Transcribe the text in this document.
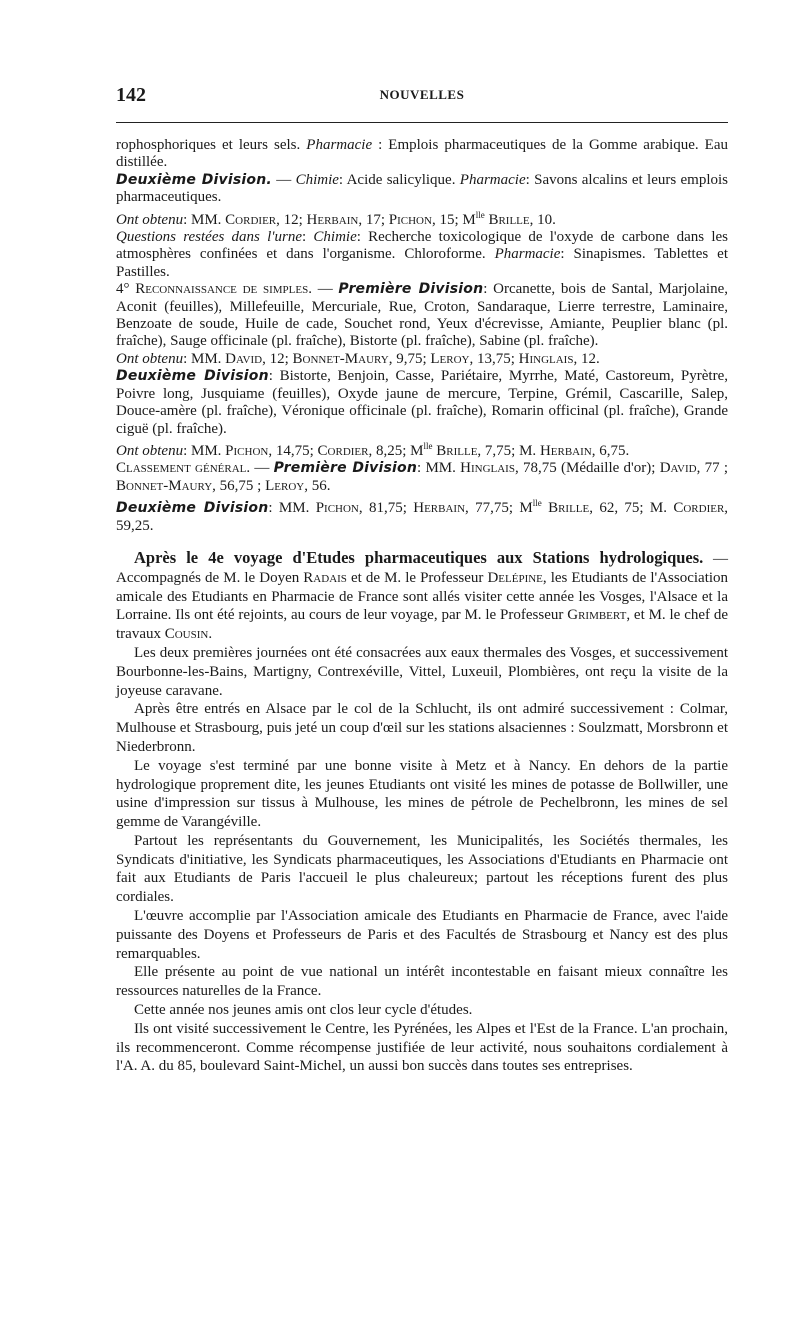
142	NOUVELLES
rophosphoriques et leurs sels. Pharmacie : Emplois pharmaceutiques de la Gomme arabique. Eau distillée.
Deuxième Division. — Chimie: Acide salicylique. Pharmacie: Savons alcalins et leurs emplois pharmaceutiques.
Ont obtenu: MM. Cordier, 12; Herbain, 17; Pichon, 15; $M^{lle}$ Brille, 10.
Questions restées dans l'urne: Chimie: Recherche toxicologique de l'oxyde de carbone dans les atmosphères confinées et dans l'organisme. Chloroforme. Pharmacie: Sinapismes. Tablettes et Pastilles.
4° Reconnaissance de simples. — Première Division: Orcanette, bois de Santal, Marjolaine, Aconit (feuilles), Millefeuille, Mercuriale, Rue, Croton, Sandaraque, Lierre terrestre, Laminaire, Benzoate de soude, Huile de cade, Souchet rond, Yeux d'écrevisse, Amiante, Peuplier blanc (pl. fraîche), Sauge officinale (pl. fraîche), Bistorte (pl. fraîche), Sabine (pl. fraîche).
Ont obtenu: MM. David, 12; Bonnet-Maury, 9,75; Leroy, 13,75; Hinglais, 12.
Deuxième Division: Bistorte, Benjoin, Casse, Pariétaire, Myrrhe, Maté, Castoreum, Pyrètre, Poivre long, Jusquiame (feuilles), Oxyde jaune de mercure, Terpine, Grémil, Cascarille, Salep, Douce-amère (pl. fraîche), Véronique officinale (pl. fraîche), Romarin officinal (pl. fraîche), Grande ciguë (pl. fraîche).
Ont obtenu: MM. Pichon, 14,75; Cordier, 8,25; $M^{lle}$ Brille, 7,75; M. Herbain, 6,75.
Classement général. — Première Division: MM. Hinglais, 78,75 (Médaille d'or); David, 77 ; Bonnet-Maury, 56,75 ; Leroy, 56.
Deuxième Division: MM. Pichon, 81,75; Herbain, 77,75; $M^{lle}$ Brille, 62, 75; M. Cordier, 59,25.
Après le 4e voyage d'Etudes pharmaceutiques aux Stations hydrologiques. — Accompagnés de M. le Doyen Radais et de M. le Professeur Delépine, les Etudiants de l'Association amicale des Etudiants en Pharmacie de France sont allés visiter cette année les Vosges, l'Alsace et la Lorraine. Ils ont été rejoints, au cours de leur voyage, par M. le Professeur Grimbert, et M. le chef de travaux Cousin.
Les deux premières journées ont été consacrées aux eaux thermales des Vosges, et successivement Bourbonne-les-Bains, Martigny, Contrexéville, Vittel, Luxeuil, Plombières, ont reçu la visite de la joyeuse caravane.
Après être entrés en Alsace par le col de la Schlucht, ils ont admiré successivement : Colmar, Mulhouse et Strasbourg, puis jeté un coup d'œil sur les stations alsaciennes : Soulzmatt, Morsbronn et Niederbronn.
Le voyage s'est terminé par une bonne visite à Metz et à Nancy. En dehors de la partie hydrologique proprement dite, les jeunes Etudiants ont visité les mines de potasse de Bollwiller, une usine d'impression sur tissus à Mulhouse, les mines de pétrole de Pechelbronn, les mines de sel gemme de Varangéville.
Partout les représentants du Gouvernement, les Municipalités, les Sociétés thermales, les Syndicats d'initiative, les Syndicats pharmaceutiques, les Associations d'Etudiants en Pharmacie ont fait aux Etudiants de Paris l'accueil le plus chaleureux; partout les réceptions furent des plus cordiales.
L'œuvre accomplie par l'Association amicale des Etudiants en Pharmacie de France, avec l'aide puissante des Doyens et Professeurs de Paris et des Facultés de Strasbourg et Nancy est des plus remarquables.
Elle présente au point de vue national un intérêt incontestable en faisant mieux connaître les ressources naturelles de la France.
Cette année nos jeunes amis ont clos leur cycle d'études.
Ils ont visité successivement le Centre, les Pyrénées, les Alpes et l'Est de la France. L'an prochain, ils recommenceront. Comme récompense justifiée de leur activité, nous souhaitons cordialement à l'A. A. du 85, boulevard Saint-Michel, un aussi bon succès dans toutes ses entreprises.
